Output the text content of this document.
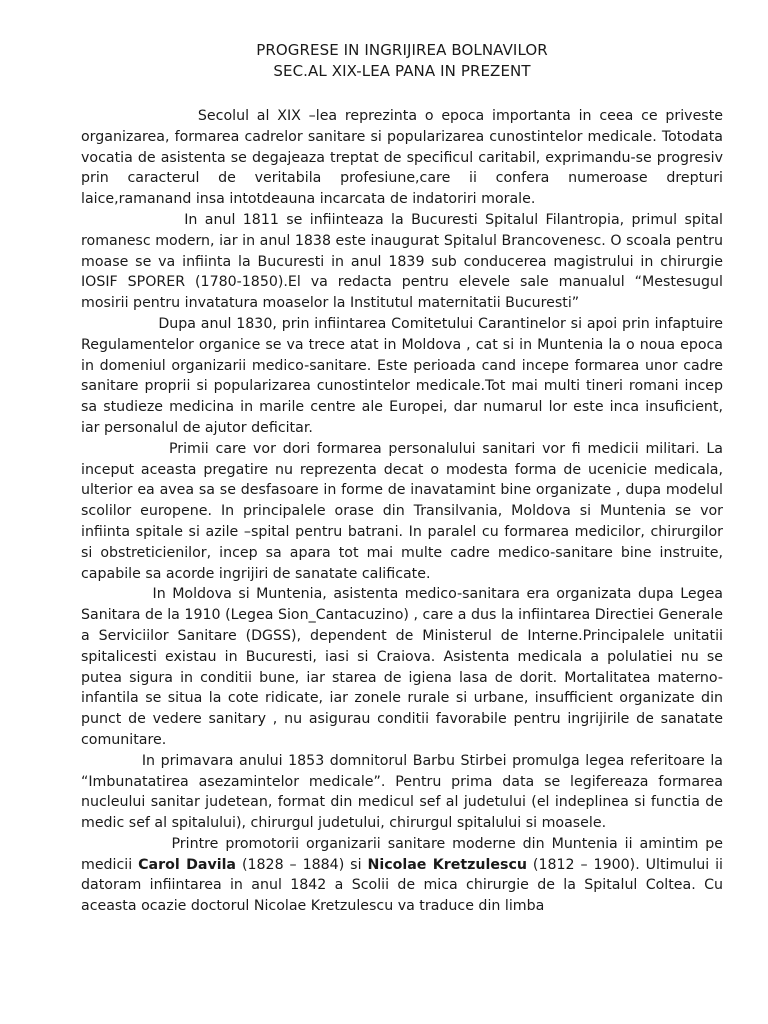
PROGRESE IN INGRIJIREA BOLNAVILOR

SEC.AL XIX-LEA PANA IN PREZENT

Secolul al XIX –lea reprezinta o epoca importanta in ceea ce priveste organizarea, formarea cadrelor sanitare si popularizarea cunostintelor medicale. Totodata vocatia de asistenta se degajeaza treptat de specificul caritabil, exprimandu-se progresiv prin caracterul de veritabila profesiune,care ii confera numeroase drepturi laice,ramanand insa intotdeauna incarcata de indatoriri morale.

In anul 1811 se infiinteaza la Bucuresti Spitalul Filantropia, primul spital romanesc modern, iar in anul 1838 este inaugurat Spitalul Brancovenesc. O scoala pentru moase se va infiinta la Bucuresti in anul 1839 sub conducerea magistrului in chirurgie IOSIF SPORER (1780-1850).El va redacta pentru elevele sale manualul “Mestesugul mosirii pentru invatatura moaselor la Institutul maternitatii Bucuresti”

Dupa anul 1830, prin infiintarea Comitetului Carantinelor si apoi prin infaptuire Regulamentelor organice se va trece atat in Moldova , cat si in Muntenia la o noua epoca in domeniul organizarii medico-sanitare. Este perioada cand incepe formarea unor cadre sanitare proprii si popularizarea cunostintelor medicale.Tot mai multi tineri romani incep sa studieze medicina in marile centre ale Europei, dar numarul lor este inca insuficient, iar personalul de ajutor deficitar.

Primii care vor dori formarea personalului sanitari vor fi medicii militari. La inceput aceasta pregatire nu reprezenta decat o modesta forma de ucenicie medicala, ulterior ea avea sa se desfasoare in forme de inavatamint bine organizate , dupa modelul scolilor europene. In principalele orase din Transilvania, Moldova si Muntenia se vor infiinta spitale si azile –spital pentru batrani. In paralel cu formarea medicilor, chirurgilor si obstreticienilor, incep sa apara tot mai multe cadre medico-sanitare bine instruite, capabile sa acorde ingrijiri de sanatate calificate.

In Moldova si Muntenia, asistenta medico-sanitara era organizata dupa Legea Sanitara de la 1910 (Legea Sion_Cantacuzino) , care a dus la infiintarea Directiei Generale a Serviciilor Sanitare (DGSS), dependent de Ministerul de Interne.Principalele unitatii spitalicesti existau in Bucuresti, iasi si Craiova. Asistenta medicala a polulatiei nu se putea sigura in conditii bune, iar starea de igiena lasa de dorit. Mortalitatea materno-infantila se situa la cote ridicate, iar zonele rurale si urbane, insufficient organizate din punct de vedere sanitary , nu asigurau conditii favorabile pentru ingrijirile de sanatate comunitare.

In primavara anului 1853 domnitorul Barbu Stirbei promulga legea referitoare la “Imbunatatirea asezamintelor medicale”. Pentru prima data se legifereaza formarea nucleului sanitar judetean, format din medicul sef al judetului (el indeplinea si functia de medic sef al spitalului), chirurgul judetului, chirurgul spitalului si moasele.

Printre promotorii organizarii sanitare moderne din Muntenia ii amintim pe medicii Carol Davila (1828 – 1884) si Nicolae Kretzulescu (1812 – 1900). Ultimului ii datoram infiintarea in anul 1842 a Scolii de mica chirurgie de la Spitalul Coltea. Cu aceasta ocazie doctorul Nicolae Kretzulescu va traduce din limba
